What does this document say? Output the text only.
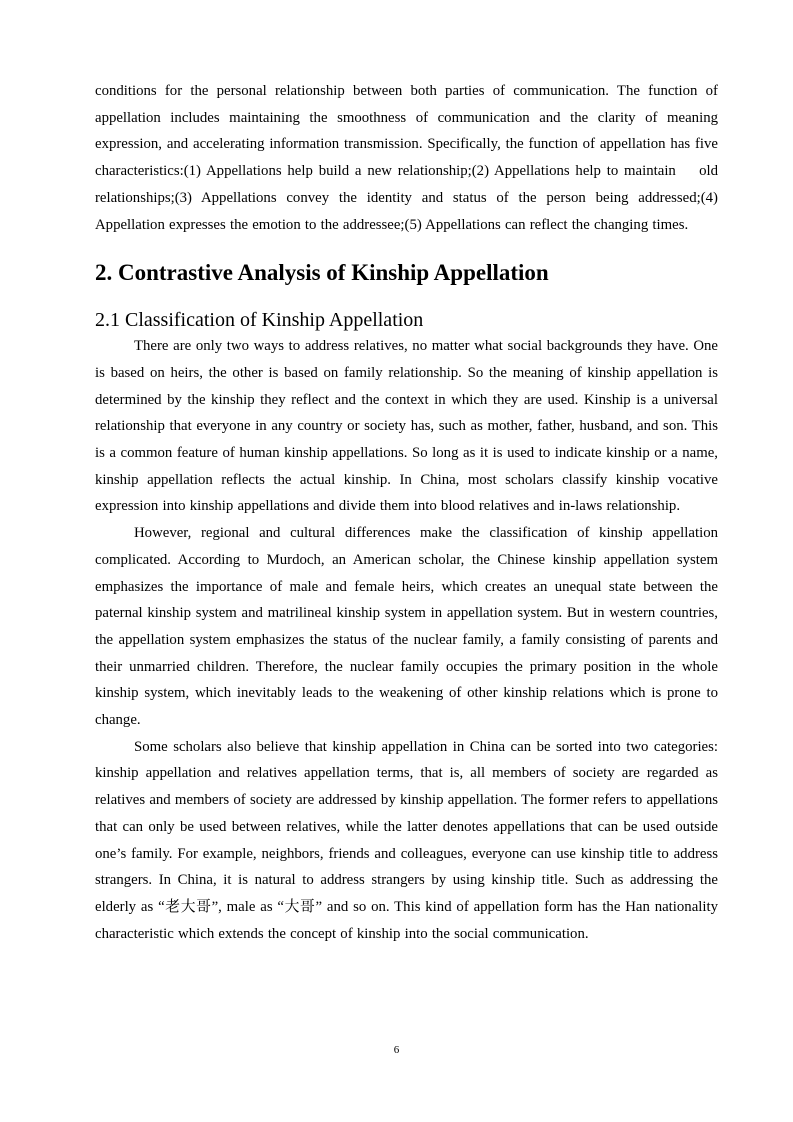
conditions for the personal relationship between both parties of communication. The function of appellation includes maintaining the smoothness of communication and the clarity of meaning expression, and accelerating information transmission. Specifically, the function of appellation has five characteristics:(1) Appellations help build a new relationship;(2) Appellations help to maintain    old relationships;(3) Appellations convey the identity and status of the person being addressed;(4) Appellation expresses the emotion to the addressee;(5) Appellations can reflect the changing times.

2. Contrastive Analysis of Kinship Appellation
2.1 Classification of Kinship Appellation

There are only two ways to address relatives, no matter what social backgrounds they have. One is based on heirs, the other is based on family relationship. So the meaning of kinship appellation is determined by the kinship they reflect and the context in which they are used. Kinship is a universal relationship that everyone in any country or society has, such as mother, father, husband, and son. This is a common feature of human kinship appellations. So long as it is used to indicate kinship or a name, kinship appellation reflects the actual kinship. In China, most scholars classify kinship vocative expression into kinship appellations and divide them into blood relatives and in-laws relationship.

However, regional and cultural differences make the classification of kinship appellation complicated. According to Murdoch, an American scholar, the Chinese kinship appellation system emphasizes the importance of male and female heirs, which creates an unequal state between the paternal kinship system and matrilineal kinship system in appellation system. But in western countries, the appellation system emphasizes the status of the nuclear family, a family consisting of parents and their unmarried children. Therefore, the nuclear family occupies the primary position in the whole kinship system, which inevitably leads to the weakening of other kinship relations which is prone to change.

Some scholars also believe that kinship appellation in China can be sorted into two categories: kinship appellation and relatives appellation terms, that is, all members of society are regarded as relatives and members of society are addressed by kinship appellation. The former refers to appellations that can only be used between relatives, while the latter denotes appellations that can be used outside one’s family. For example, neighbors, friends and colleagues, everyone can use kinship title to address strangers. In China, it is natural to address strangers by using kinship title. Such as addressing the elderly as “老大哥”, male as “大哥” and so on. This kind of appellation form has the Han nationality characteristic which extends the concept of kinship into the social communication.

6
